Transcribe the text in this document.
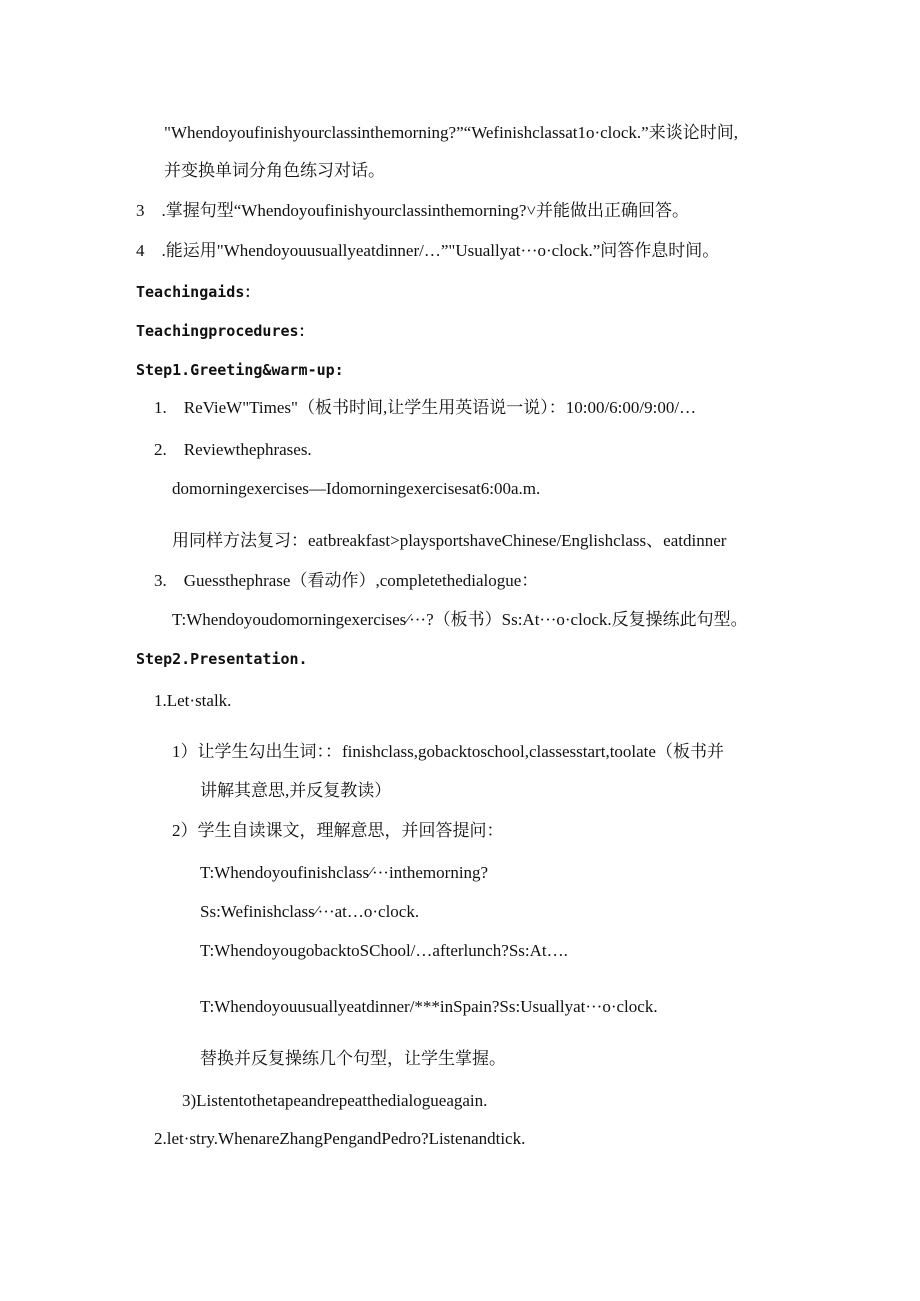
"Whendoyoufinishyourclassinthemorning?”“Wefinishclassat1o·clock.”来谈论时间,
并变换单词分角色练习对话。
3　.掌握句型“Whendoyoufinishyourclassinthemorning?˅并能做出正确回答。
4　.能运用"Whendoyouusuallyeatdinner/…”"Usuallyat···o·clock.”问答作息时间。
Teachingaids：
Teachingprocedures：
Step1.Greeting&warm-up:
1.　ReVieW"Times"（板书时间,让学生用英语说一说）：10:00/6:00/9:00/…
2.　Reviewthephrases.
domorningexercises—Idomorningexercisesat6:00a.m.
用同样方法复习：eatbreakfast>playsportshaveChinese/Englishclass、eatdinner
3.　Guessthephrase（看动作）,completethedialogue：
T:Whendoyoudomorningexercises⁄···?（板书）Ss:At···o·clock.反复操练此句型。
Step2.Presentation.
1.Let·stalk.
1）让学生勾出生词：：finishclass,gobacktoschool,classesstart,toolate（板书并
讲解其意思,并反复教读）
2）学生自读课文，理解意思，并回答提问：
T:Whendoyoufinishclass⁄···inthemorning?
Ss:Wefinishclass⁄···at…o·clock.
T:WhendoyougobacktoSChool/…afterlunch?Ss:At….
T:Whendoyouusuallyeatdinner/***inSpain?Ss:Usuallyat···o·clock.
替换并反复操练几个句型，让学生掌握。
3)Listentothetapeandrepeatthedialogueagain.
2.let·stry.WhenareZhangPengandPedro?Listenandtick.
